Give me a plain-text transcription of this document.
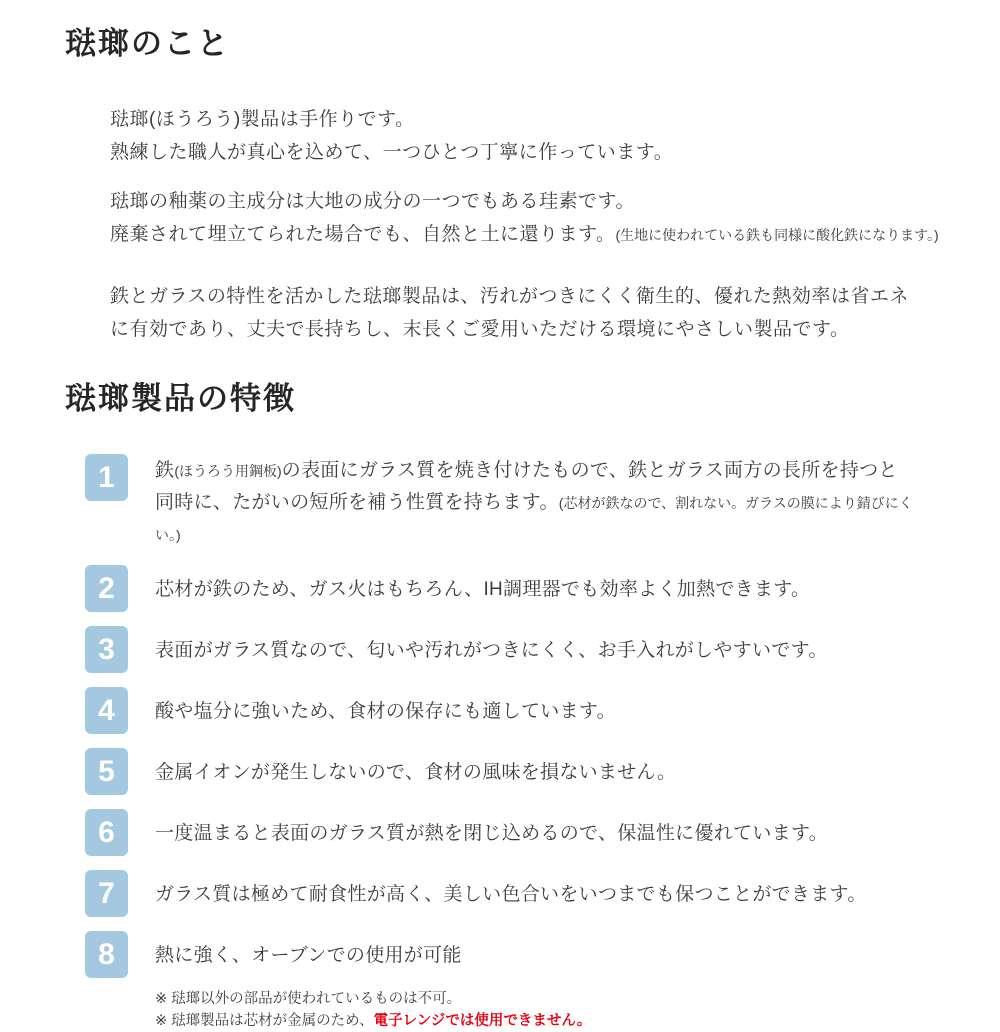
琺瑯のこと
琺瑯(ほうろう)製品は手作りです。
熟練した職人が真心を込めて、一つひとつ丁寧に作っています。
琺瑯の釉薬の主成分は大地の成分の一つでもある珪素です。
廃棄されて埋立てられた場合でも、自然と土に還ります。(生地に使われている鉄も同様に酸化鉄になります。)
鉄とガラスの特性を活かした琺瑯製品は、汚れがつきにくく衛生的、優れた熱効率は省エネに有効であり、丈夫で長持ちし、末長くご愛用いただける環境にやさしい製品です。
琺瑯製品の特徴
1	鉄(ほうろう用鋼板)の表面にガラス質を焼き付けたもので、鉄とガラス両方の長所を持つと同時に、たがいの短所を補う性質を持ちます。(芯材が鉄なので、割れない。ガラスの膜により錆びにくい。)
2	芯材が鉄のため、ガス火はもちろん、IH調理器でも効率よく加熱できます。
3	表面がガラス質なので、匂いや汚れがつきにくく、お手入れがしやすいです。
4	酸や塩分に強いため、食材の保存にも適しています。
5	金属イオンが発生しないので、食材の風味を損ないません。
6	一度温まると表面のガラス質が熱を閉じ込めるので、保温性に優れています。
7	ガラス質は極めて耐食性が高く、美しい色合いをいつまでも保つことができます。
8	熱に強く、オーブンでの使用が可能
※ 琺瑯以外の部品が使われているものは不可。
※ 琺瑯製品は芯材が金属のため、電子レンジでは使用できません。
